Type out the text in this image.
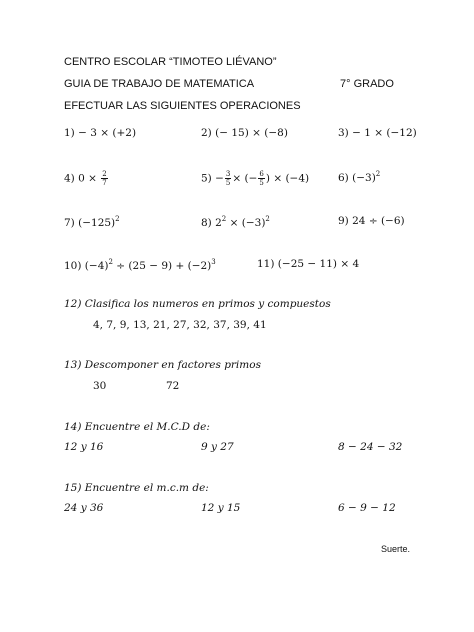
CENTRO ESCOLAR “TIMOTEO LIÉVANO”
GUIA DE TRABAJO DE MATEMATICA	7° GRADO
EFECTUAR LAS SIGUIENTES OPERACIONES
1) − 3 × (+2)	2) (− 15) × (−8)	3) − 1 × (−12)
4) $0 \times \frac{2}{7}$	$5) - \frac{3}{5}$ × (− $\frac{6}{5}$ ) × (−4)	6) $(-3)^2$
7) $(-125)^2$	8) $2^2 \times (-3)^2$	9) 24 ÷ (−6)
10) $(-4)^2 \div (25 - 9) + (-2)^3$	11) (−25 − 11) × 4
12) Clasifica los numeros en primos y compuestos
4, 7, 9, 13, 21, 27, 32, 37, 39, 41
13) Descomponer en factores primos
30	72
14) Encuentre el M.C.D de:
12 y 16	9 y 27	8 − 24 − 32
15) Encuentre el m.c.m de:
24 y 36	12 y 15	6 − 9 − 12
Suerte.
